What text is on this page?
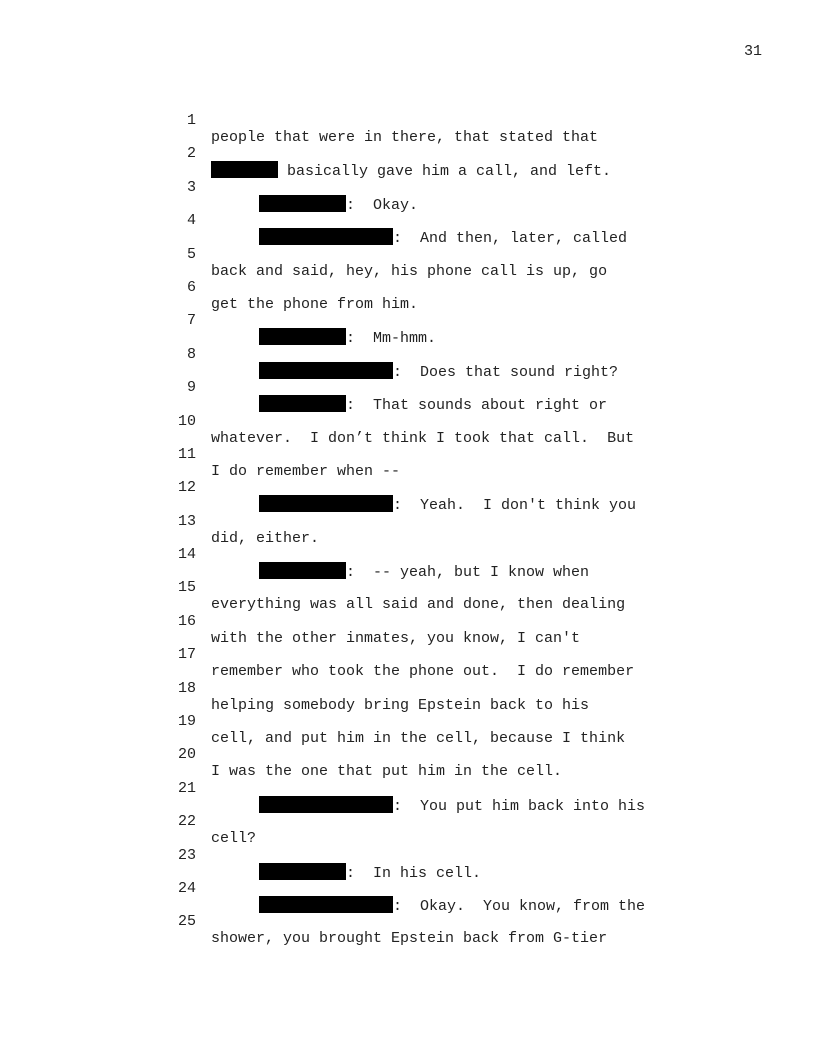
31

1

people that were in there, that stated that

2

basically gave him a call, and left.

3

:  Okay.

4

:  And then, later, called

5

back and said, hey, his phone call is up, go

6

get the phone from him.

7

:  Mm-hmm.

8

:  Does that sound right?

9

:  That sounds about right or

10

whatever.  I don’t think I took that call.  But

11

I do remember when --

12

:  Yeah.  I don't think you

13

did, either.

14

:  -- yeah, but I know when

15

everything was all said and done, then dealing

16

with the other inmates, you know, I can't

17

remember who took the phone out.  I do remember

18

helping somebody bring Epstein back to his

19

cell, and put him in the cell, because I think

20

I was the one that put him in the cell.

21

:  You put him back into his

22

cell?

23

:  In his cell.

24

:  Okay.  You know, from the

25

shower, you brought Epstein back from G-tier
